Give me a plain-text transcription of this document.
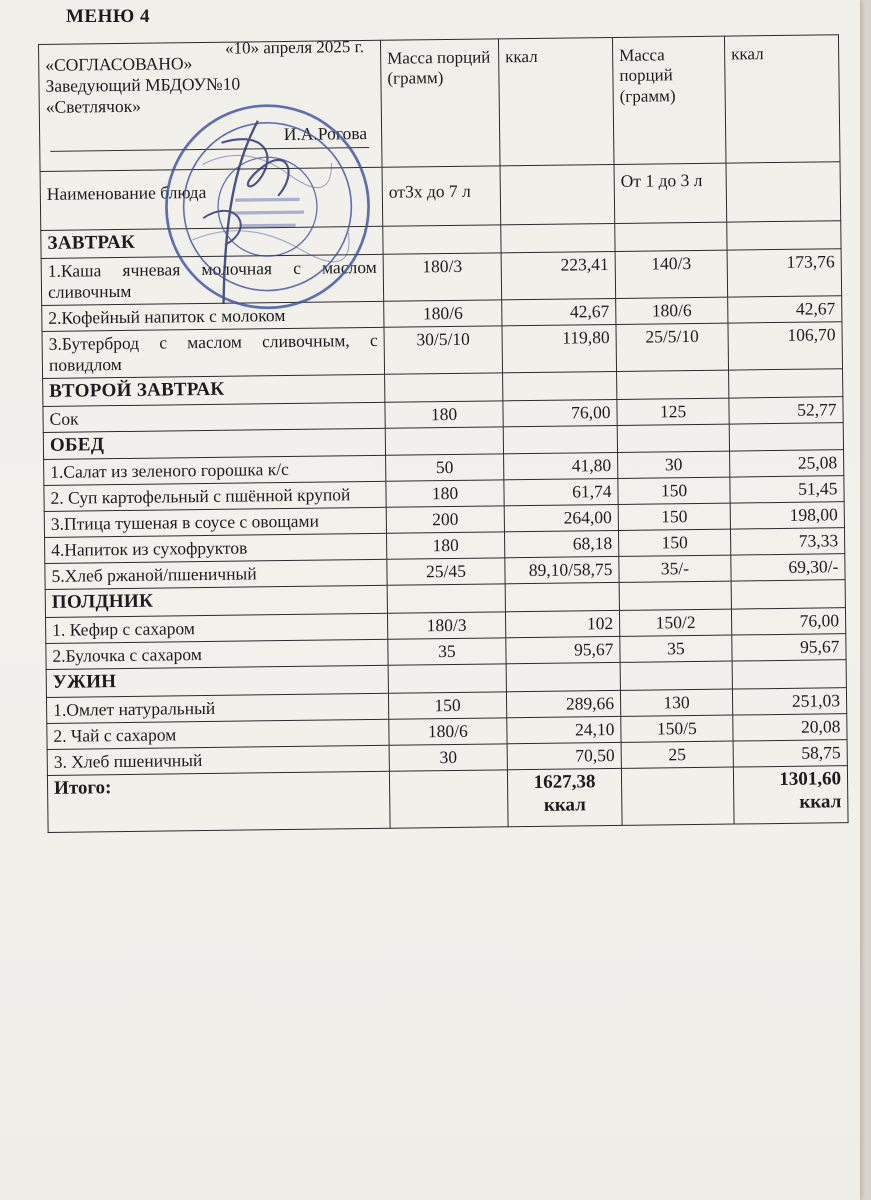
МЕНЮ 4
«10» апреля 2025 г.
«СОГЛАСОВАНО»
Заведующий МБДОУ№10
«Светлячок»
И.А.Рогова	Масса порций (грамм)	ккал	Масса порций (грамм)	ккал
Наименование блюда	от3х до 7 л		От 1 до 3 л	
ЗАВТРАК				
1.Каша ячневая молочная с маслом сливочным	180/3	223,41	140/3	173,76
2.Кофейный напиток с молоком	180/6	42,67	180/6	42,67
3.Бутерброд с маслом сливочным, с повидлом	30/5/10	119,80	25/5/10	106,70
ВТОРОЙ ЗАВТРАК				
Сок	180	76,00	125	52,77
ОБЕД				
1.Салат из зеленого горошка к/с	50	41,80	30	25,08
2. Суп картофельный с пшённой крупой	180	61,74	150	51,45
3.Птица тушеная в соусе с овощами	200	264,00	150	198,00
4.Напиток из сухофруктов	180	68,18	150	73,33
5.Хлеб ржаной/пшеничный	25/45	89,10/58,75	35/-	69,30/-
ПОЛДНИК				
1. Кефир с сахаром	180/3	102	150/2	76,00
2.Булочка с сахаром	35	95,67	35	95,67
УЖИН				
1.Омлет натуральный	150	289,66	130	251,03
2. Чай с сахаром	180/6	24,10	150/5	20,08
3. Хлеб пшеничный	30	70,50	25	58,75
Итого:		1627,38 ккал		1301,60 ккал
